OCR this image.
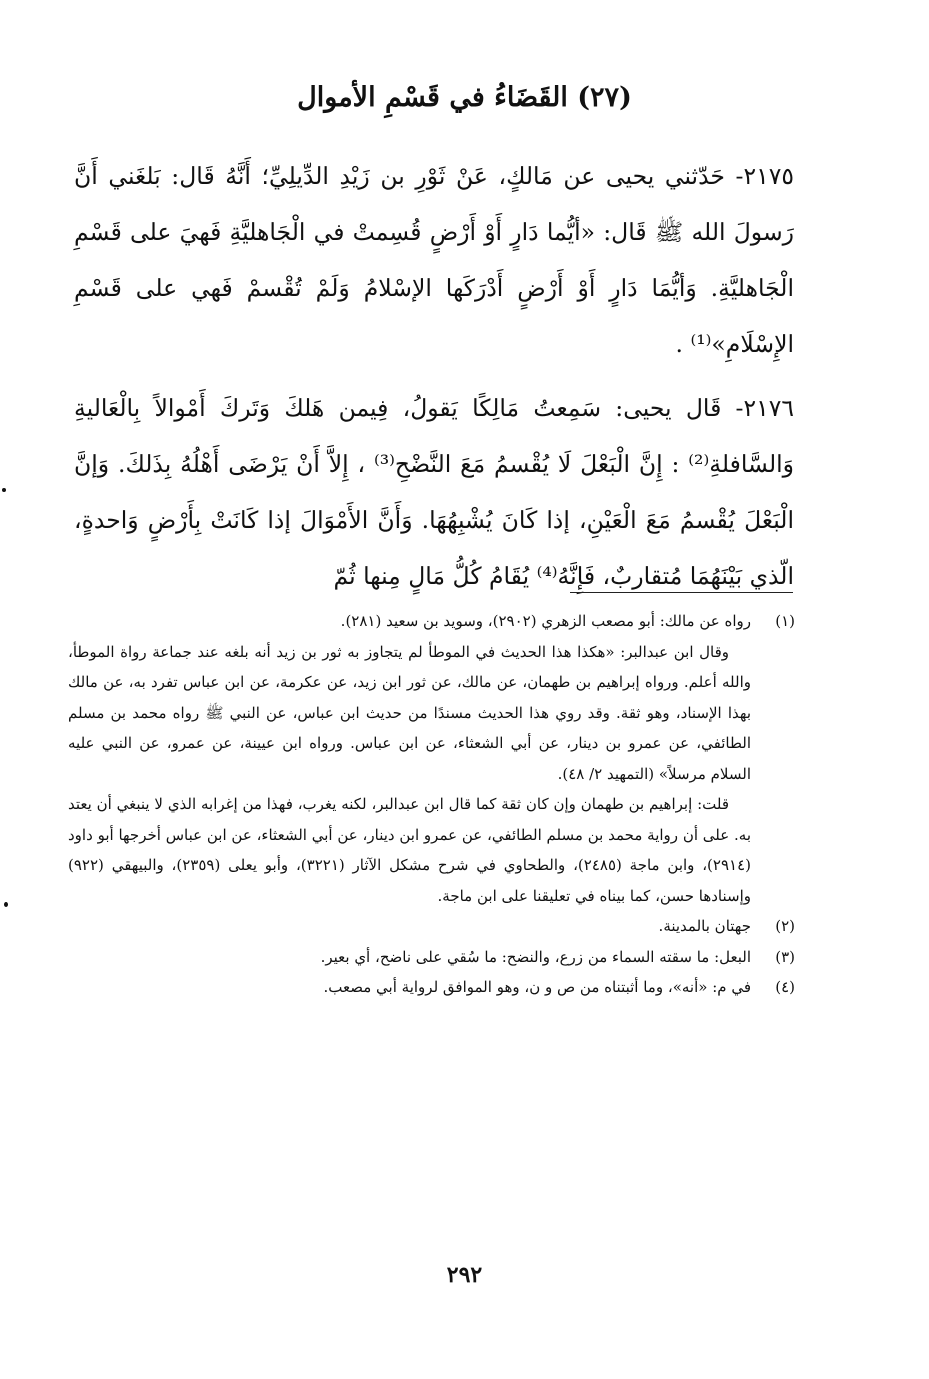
(٢٧) القَضَاءُ في قَسْمِ الأموال

٢١٧٥- حَدّثني يحيى عن مَالكٍ، عَنْ ثَوْرِ بن زَيْدِ الدِّيلِيِّ؛ أَنَّهُ قَال: بَلغَني أَنَّ رَسولَ الله ﷺ قَال: «أيُّما دَارٍ أَوْ أَرْضٍ قُسِمتْ في الْجَاهليَّةِ فَهيَ على قَسْمِ الْجَاهليَّةِ. وَأيُّمَا دَارٍ أَوْ أَرْضٍ أَدْرَكَها الإسْلامُ وَلَمْ تُقْسمْ فَهي على قَسْمِ الإِسْلَامِ»⁽¹⁾ .

٢١٧٦- قَال يحيى: سَمِعتُ مَالِكًا يَقولُ، فِيمن هَلكَ وَتَركَ أَمْوالاً بِالْعَاليةِ وَالسَّافلةِ⁽²⁾ : إِنَّ الْبَعْلَ لَا يُقْسمُ مَعَ النَّضْحِ⁽³⁾ ، إِلاَّ أَنْ يَرْضَى أَهْلُهُ بِذَلكَ. وَإنَّ الْبَعْلَ يُقْسمُ مَعَ الْعَيْنِ، إذا كَانَ يُشْبِهُهَا. وَأَنَّ الأَمْوَالَ إذا كَانَتْ بِأَرْضٍ وَاحدةٍ، الّذي بَيْنَهُمَا مُتقاربٌ، فَإِنَّهُ⁽⁴⁾ يُقَامُ كُلُّ مَالٍ مِنها ثُمّ

(١)

رواه عن مالك: أبو مصعب الزهري (٢٩٠٢)، وسويد بن سعيد (٢٨١).

وقال ابن عبدالبر: «هكذا هذا الحديث في الموطأ لم يتجاوز به ثور بن زيد أنه بلغه عند جماعة رواة الموطأ، والله أعلم. ورواه إبراهيم بن طهمان، عن مالك، عن ثور ابن زيد، عن عكرمة، عن ابن عباس تفرد به، عن مالك بهذا الإسناد، وهو ثقة. وقد روي هذا الحديث مسندًا من حديث ابن عباس، عن النبي ﷺ رواه محمد بن مسلم الطائفي، عن عمرو بن دينار، عن أبي الشعثاء، عن ابن عباس. ورواه ابن عيينة، عن عمرو، عن النبي عليه السلام مرسلاً» (التمهيد ٢/ ٤٨).

قلت: إبراهيم بن طهمان وإن كان ثقة كما قال ابن عبدالبر، لكنه يغرب، فهذا من إغرابه الذي لا ينبغي أن يعتد به. على أن رواية محمد بن مسلم الطائفي، عن عمرو ابن دينار، عن أبي الشعثاء، عن ابن عباس أخرجها أبو داود (٢٩١٤)، وابن ماجة (٢٤٨٥)، والطحاوي في شرح مشكل الآثار (٣٢٢١)، وأبو يعلى (٢٣٥٩)، والبيهقي (٩٢٢) وإسنادها حسن، كما بيناه في تعليقنا على ابن ماجة.

(٢)

جهتان بالمدينة.

(٣)

البعل: ما سقته السماء من زرع، والنضح: ما سُقي على ناضح، أي بعير.

(٤)

في م: «أنه»، وما أثبتناه من ص و ن، وهو الموافق لرواية أبي مصعب.

٢٩٢
